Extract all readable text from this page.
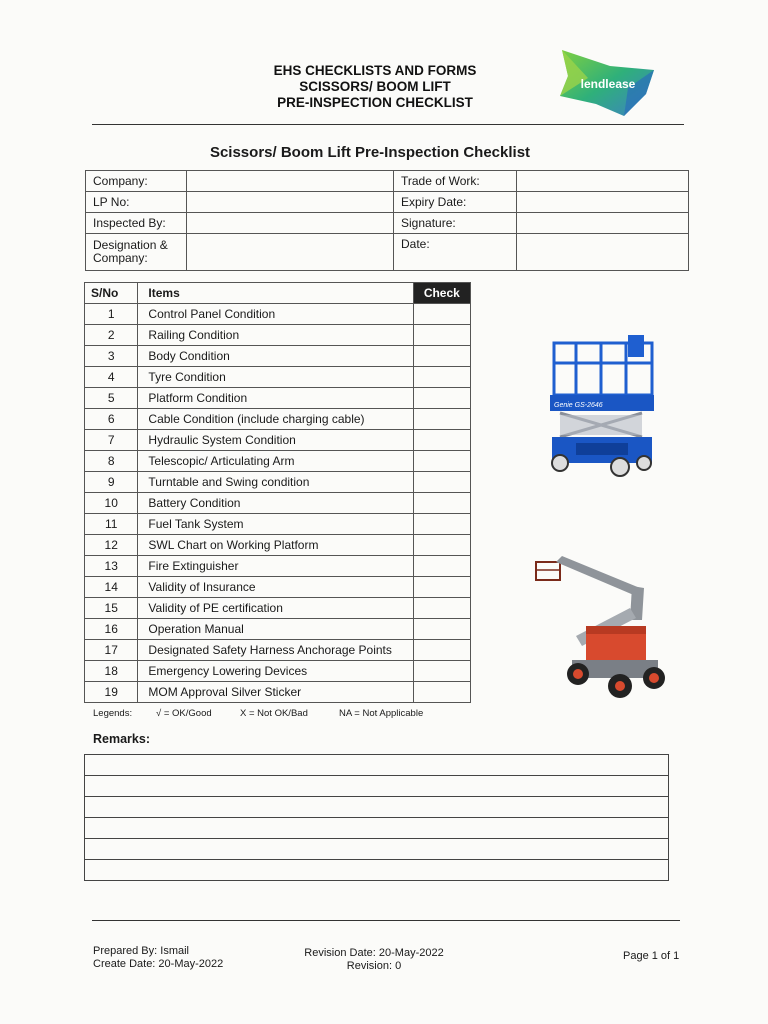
EHS CHECKLISTS AND FORMS
SCISSORS/ BOOM LIFT
PRE-INSPECTION CHECKLIST
lendlease
Scissors/ Boom Lift Pre-Inspection Checklist
Company:		Trade of Work:	
LP No:		Expiry Date:	
Inspected By:		Signature:	

Designation &
Company:		Date:	
S/No	Items	Check
1	Control Panel Condition	
2	Railing Condition	
3	Body Condition	
4	Tyre Condition	
5	Platform Condition	
6	Cable Condition (include charging cable)	
7	Hydraulic System Condition	
8	Telescopic/ Articulating Arm	
9	Turntable and Swing condition	
10	Battery Condition	
11	Fuel Tank System	
12	SWL Chart on Working Platform	
13	Fire Extinguisher	
14	Validity of Insurance	
15	Validity of PE certification	
16	Operation Manual	
17	Designated Safety Harness Anchorage Points	
18	Emergency Lowering Devices	
19	MOM Approval Silver Sticker	
Legends:	√ = OK/Good	X = Not OK/Bad	NA = Not Applicable
Remarks:
Genie GS-2646
Prepared By: Ismail
Create Date: 20-May-2022
Revision Date: 20-May-2022
Revision: 0
Page 1 of 1
